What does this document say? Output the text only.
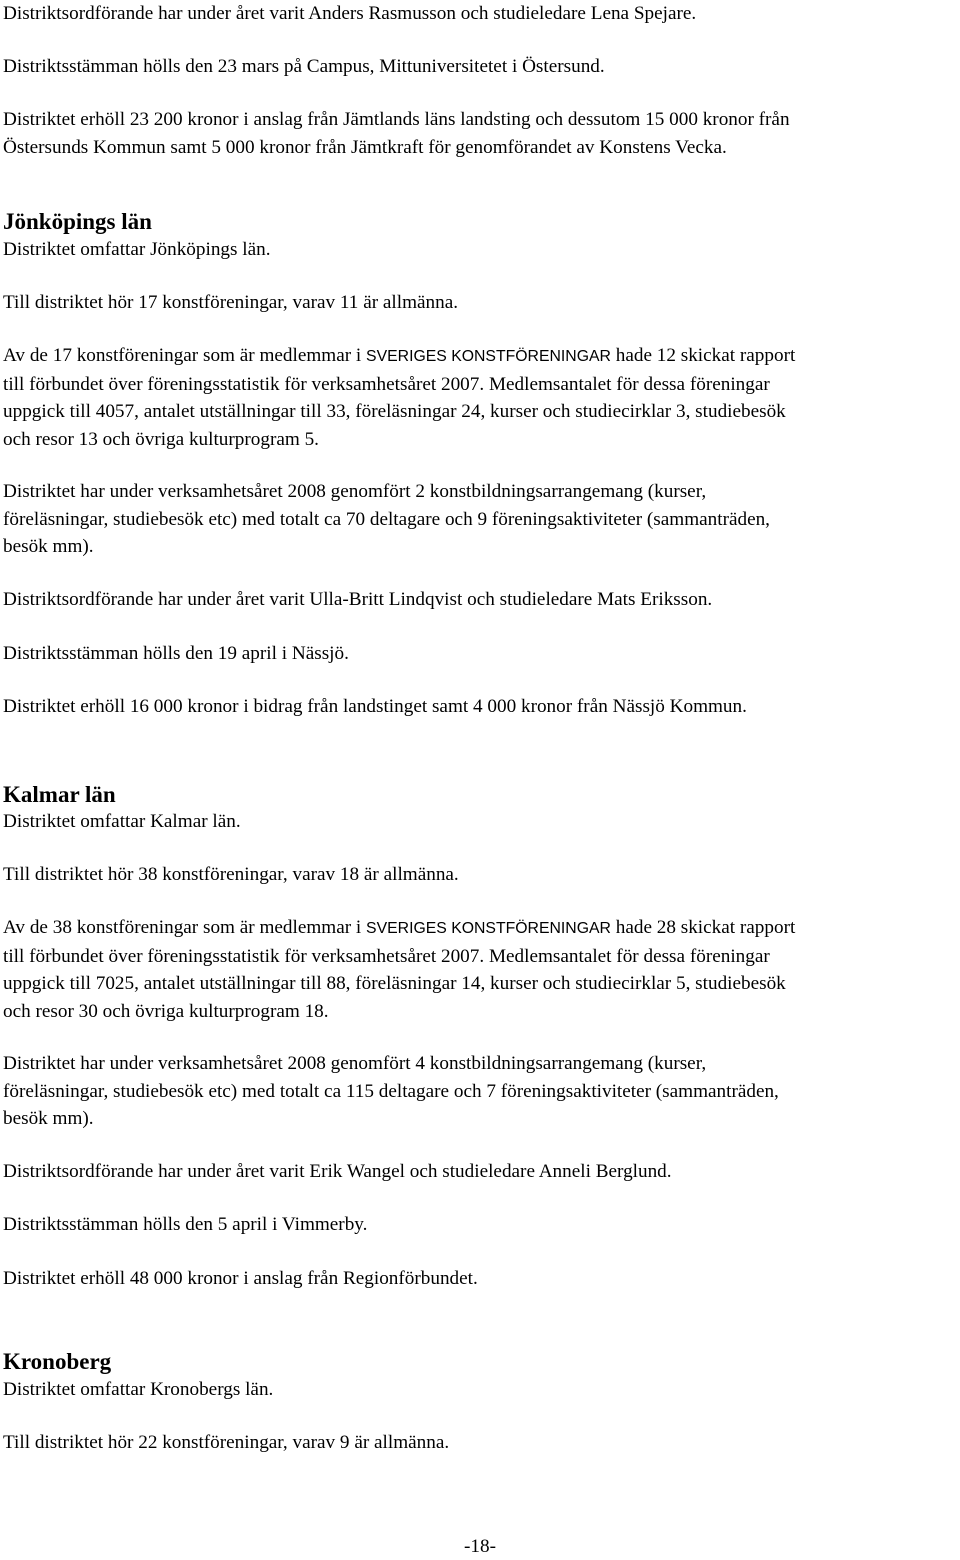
Distriktsordförande har under året varit Anders Rasmusson och studieledare Lena Spejare.

Distriktsstämman hölls den 23 mars på Campus, Mittuniversitetet i Östersund.

Distriktet erhöll 23 200 kronor i anslag från Jämtlands läns landsting och dessutom 15 000 kronor från
Östersunds Kommun samt 5 000 kronor från Jämtkraft för genomförandet av Konstens Vecka.

Jönköpings län

Distriktet omfattar Jönköpings län.

Till distriktet hör 17 konstföreningar, varav 11 är allmänna.

Av de 17 konstföreningar som är medlemmar i SVERIGES KONSTFÖRENINGAR hade 12 skickat rapport
till förbundet över föreningsstatistik för verksamhetsåret 2007. Medlemsantalet för dessa föreningar
uppgick till 4057, antalet utställningar till 33, föreläsningar 24, kurser och studiecirklar 3, studiebesök
och resor 13 och övriga kulturprogram 5.

Distriktet har under verksamhetsåret 2008 genomfört 2 konstbildningsarrangemang (kurser,
föreläsningar, studiebesök etc) med totalt ca 70 deltagare och 9 föreningsaktiviteter (sammanträden,
besök mm).

Distriktsordförande har under året varit Ulla-Britt Lindqvist och studieledare Mats Eriksson.

Distriktsstämman hölls den 19 april i Nässjö.

Distriktet erhöll 16 000 kronor i bidrag från landstinget samt 4 000 kronor från Nässjö Kommun.

Kalmar län

Distriktet omfattar Kalmar län.

Till distriktet hör 38 konstföreningar, varav 18 är allmänna.

Av de 38 konstföreningar som är medlemmar i SVERIGES KONSTFÖRENINGAR hade 28 skickat rapport
till förbundet över föreningsstatistik för verksamhetsåret 2007. Medlemsantalet för dessa föreningar
uppgick till 7025, antalet utställningar till 88, föreläsningar 14, kurser och studiecirklar 5, studiebesök
och resor 30 och övriga kulturprogram 18.

Distriktet har under verksamhetsåret 2008 genomfört 4 konstbildningsarrangemang (kurser,
föreläsningar, studiebesök etc) med totalt ca 115 deltagare och 7 föreningsaktiviteter (sammanträden,
besök mm).

Distriktsordförande har under året varit Erik Wangel och studieledare Anneli Berglund.

Distriktsstämman hölls den 5 april i Vimmerby.

Distriktet erhöll 48 000 kronor i anslag från Regionförbundet.

Kronoberg

Distriktet omfattar Kronobergs län.

Till distriktet hör 22 konstföreningar, varav 9 är allmänna.

-18-
